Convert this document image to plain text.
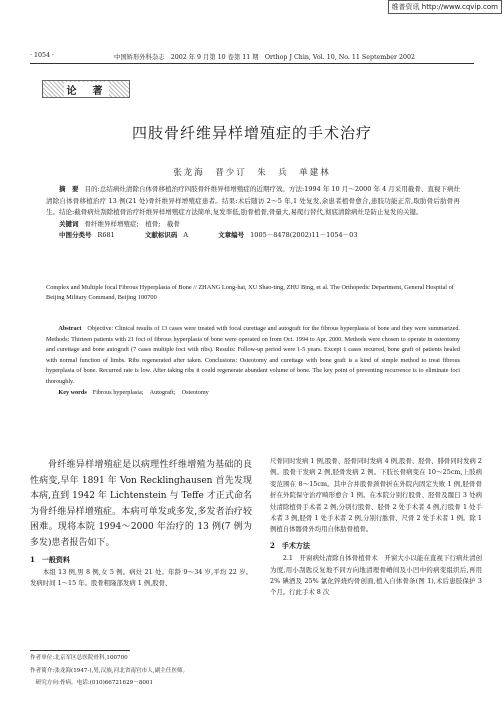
维普资讯 http://www.cqvip.com
· 1054 ·	中国矫形外科杂志　2002 年 9 月第 10 卷第 11 期　Orthop J Chin, Vol. 10, No. 11 September 2002
论　著
四肢骨纤维异样增殖症的手术治疗
张龙海　晋少订　朱　兵　单建林

摘　要 目的:总结病灶清除自体骨移植治疗四肢骨纤维异样增殖症的近期疗效。方法:1994 年 10 月～2000 年 4 月采用截骨、直视下病灶清除自体骨移植治疗 13 例(21 处)骨纤维异样增殖症患者。结果:术后随访 2～5 年,1 处复发,余患者植骨愈合,患肢功能正常,取肋骨后肋骨再生。结论:截骨病灶刮除植骨治疗纤维异样增殖症方法简单,复发率低,肋骨植骨,骨量大,易爬行替代,彻底清除病灶是防止复发的关键。

关键词 骨纤维异样增殖症;　植骨;　截骨

中图分类号 R681	文献标识码 A	文章编号 1005－8478(2002)11－1054－03

Complex and Multiple focal Fibrous Hyperplasia of Bone // ZHANG Long-hai, XU Shao-ting, ZHU Bing, et al. The Orthopedic Department, General Hospital of Beijing Military Command, Beijing 100700

Abstract Objective: Clinical results of 13 cases were treated with focal curettage and autograft for the fibrous hyperplasia of bone and they were summarized. Methods: Thirteen patients with 21 foci of fibrous hyperplasia of bone were operated on from Oct. 1994 to Apr. 2000. Methods were chosen to operate in osteotomy and curettage and bone autograft (7 cases multiple foci with ribs). Results: Follow-up period were 1-5 years. Except 1 cases recurred, bone graft of patients healed with normal function of limbs. Ribs regenerated after taken. Conclusions: Osteotomy and curettage with bone graft is a kind of simple method to treat fibrous hyperplasia of bone. Recurred rate is low. After taking ribs it could regenerate abundant volume of bone. The key point of preventing recurrence is to eliminate foci thoroughly.

Key words Fibrous hyperplasia;　Autograft;　Osteotomy

骨纤维异样增殖症是以病理性纤维增殖为基础的良性病变,早年 1891 年 Von Recklinghausen 首先发现本病,直到 1942 年 Lichtenstein 与 Teffe 才正式命名为骨纤维异样增殖症。本病可单发或多发,多发者治疗较困难。现将本院 1994～2000 年治疗的 13 例(7 例为多发)患者报告如下。

1　一般资料

本组 13 例,男 8 例,女 5 例。病灶 21 处。年龄 9～34 岁,平均 22 岁。发病时间 1～15 年。股骨粗隆部发病 1 例,股骨、

作者单位:北京军区总医院骨科,100700

作者简介:张龙海(1947-),男,汉族,河北省南宫市人,副主任医师。

研究方向:骨病。电话:(010)66721629－8001

尺骨同时发病 1 例,股骨、胫骨同时发病 4 例,股骨、胫骨、腓骨同时发病 2 例。股骨干发病 2 例,胫骨发病 2 例。下肢长骨病变在 10～25cm,上肢病变范围在 8～15cm。其中合并股骨颈骨折在外院内固定失败 1 例,胫骨骨折在外院保守治疗畸形愈合 1 例。在本院分别行股骨、胫骨及髋臼 3 处病灶清除植骨手术者 2 例,分别行股骨、胫骨 2 处手术者 4 例,行股骨 1 处手术者 3 例,胫骨 1 处手术者 2 例,分别行肱骨、尺骨 2 处手术者 1 例。除 1 例植自体髂骨外均用自体肋骨植骨。

2　手术方法

2.1　开窗病灶清除自体骨植骨术　开窗大小以能在直视下行病灶清创为度,用小刮匙反复地不同方向地清理骨嵴间及小凹中的病变组织后,再用 2% 碘酒及 25% 氯化锌烧灼骨创面,植入自体骨条(图 1),术后患肢保护 3 个月。行此手术 8 次
